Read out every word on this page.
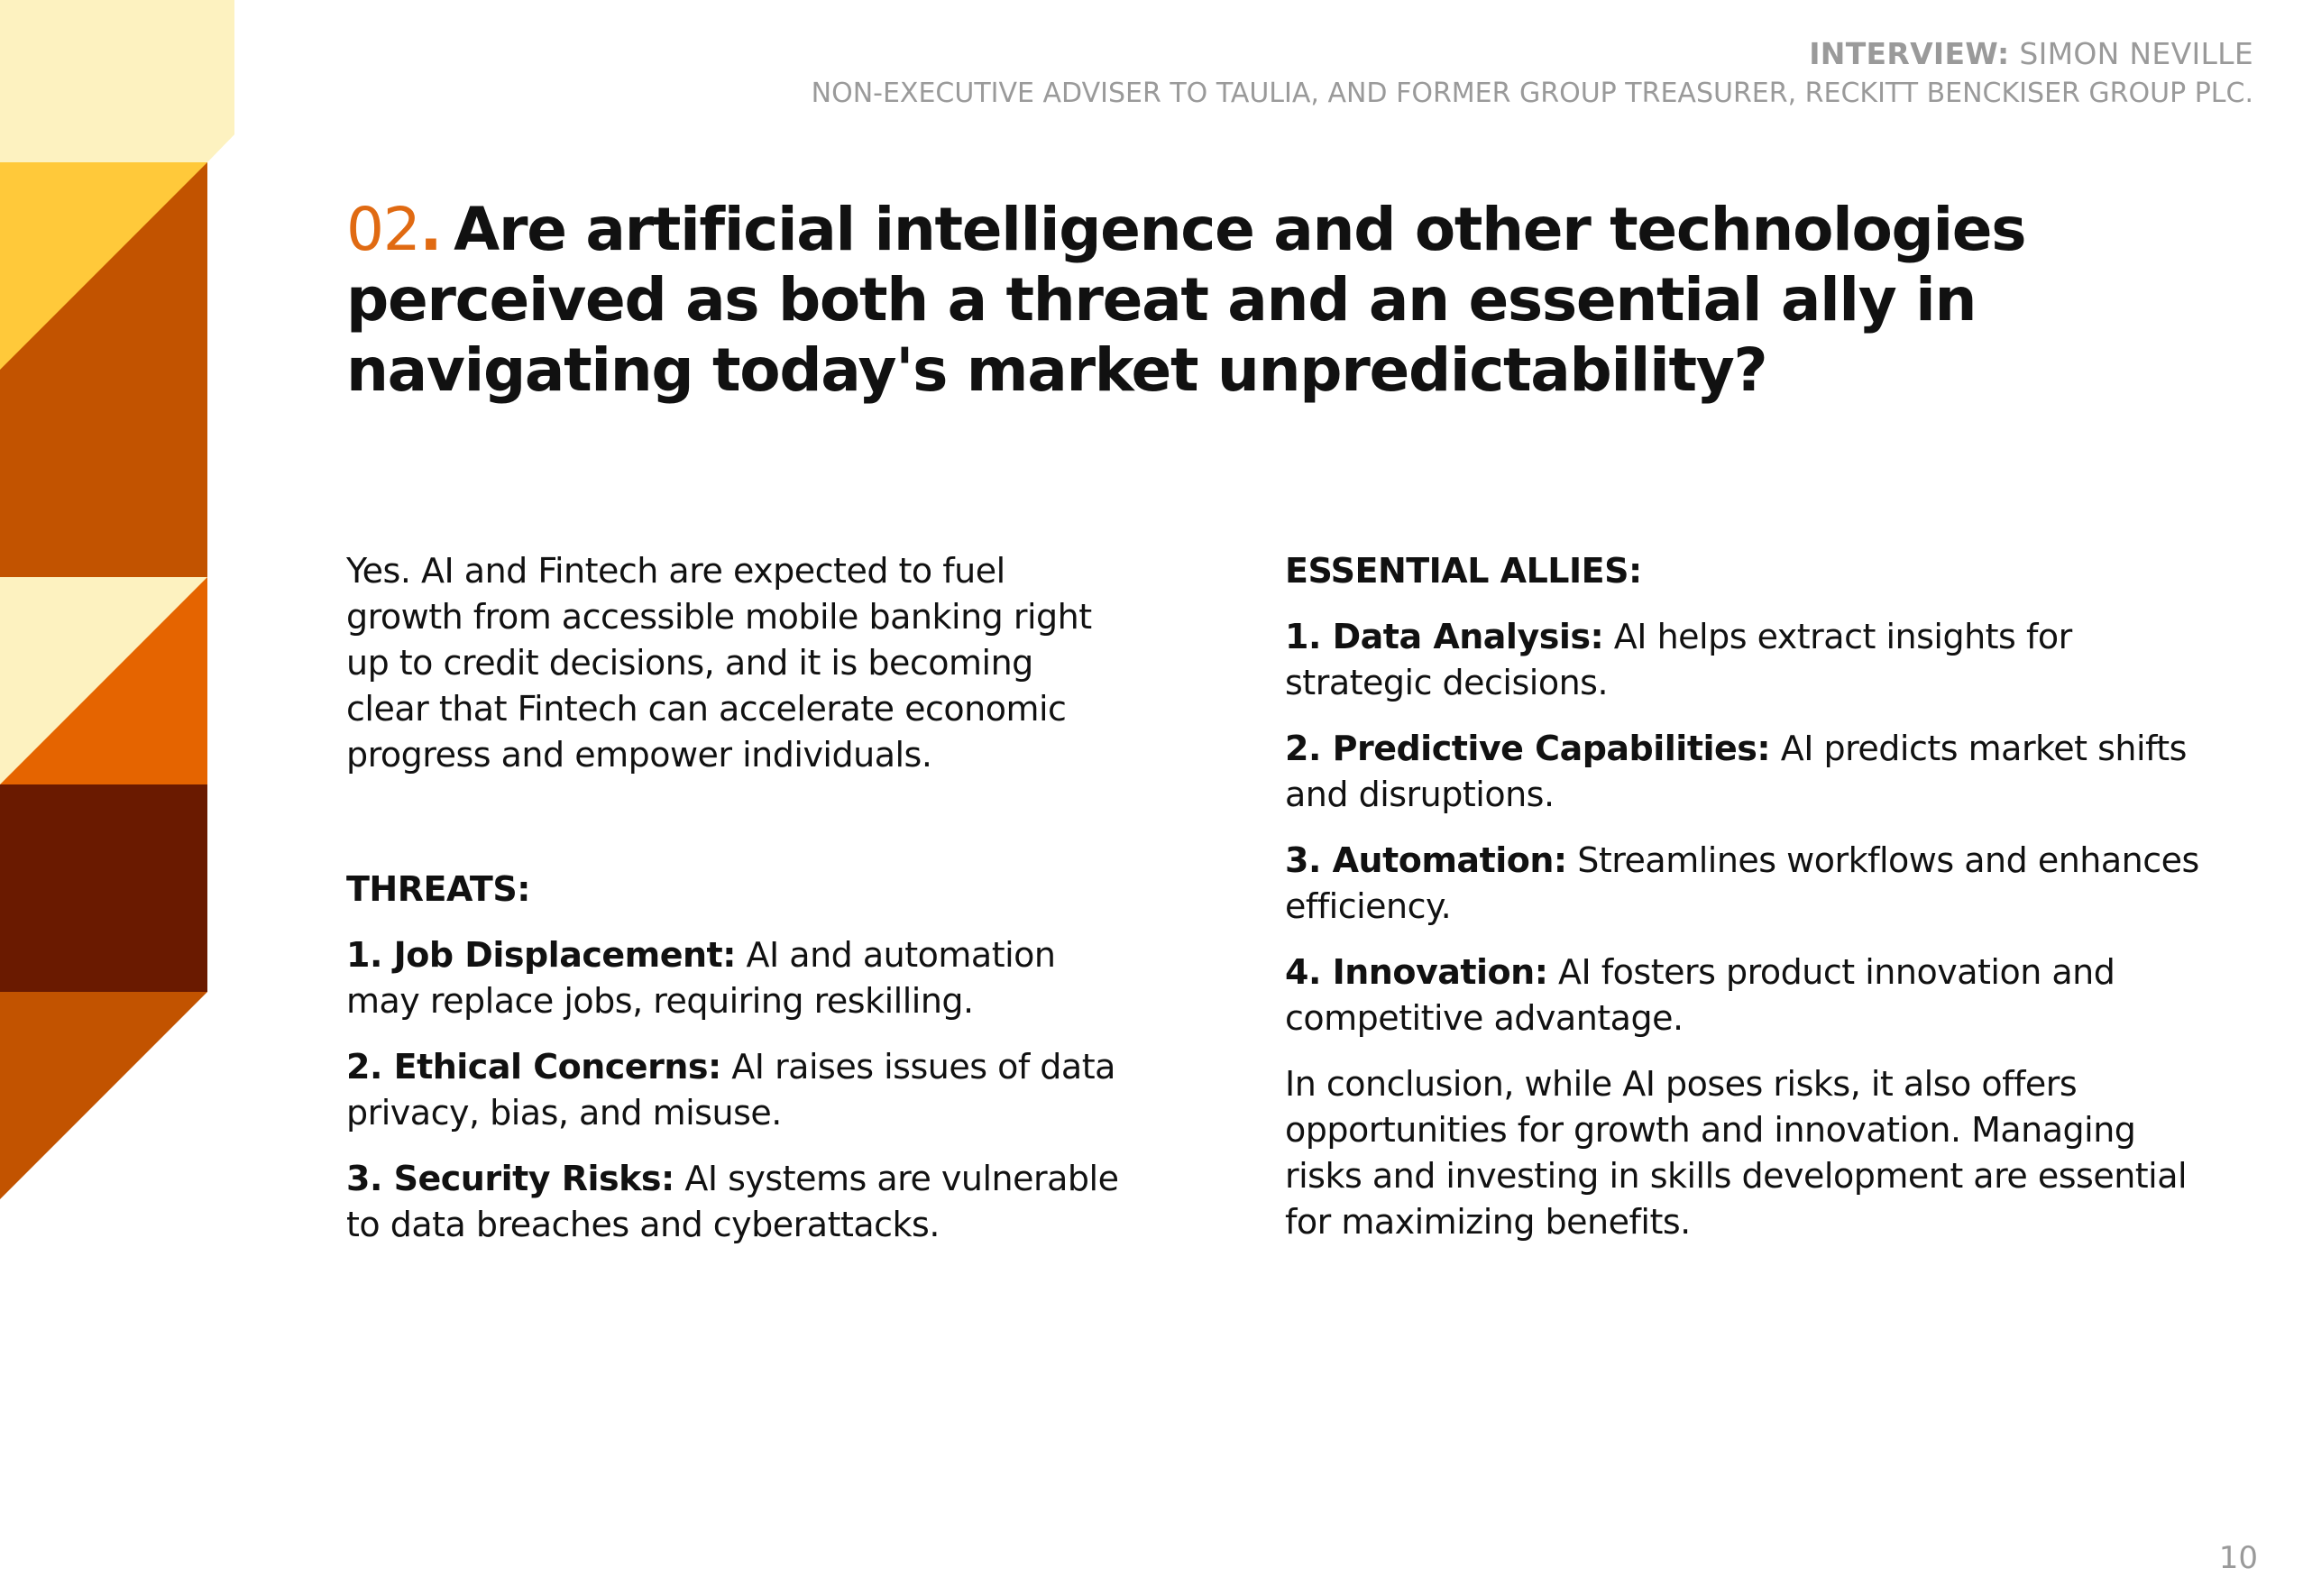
INTERVIEW: SIMON NEVILLE
NON-EXECUTIVE ADVISER TO TAULIA, AND FORMER GROUP TREASURER, RECKITT BENCKISER GROUP PLC.
02. Are artificial intelligence and other technologies perceived as both a threat and an essential ally in navigating today's market unpredictability?

Yes. AI and Fintech are expected to fuel growth from accessible mobile banking right up to credit decisions, and it is becoming clear that Fintech can accelerate economic progress and empower individuals.

THREATS:

1. Job Displacement: AI and automation may replace jobs, requiring reskilling.

2. Ethical Concerns: AI raises issues of data privacy, bias, and misuse.

3. Security Risks: AI systems are vulnerable to data breaches and cyberattacks.

ESSENTIAL ALLIES:

1. Data Analysis: AI helps extract insights for strategic decisions.

2. Predictive Capabilities: AI predicts market shifts and disruptions.

3. Automation: Streamlines workflows and enhances efficiency.

4. Innovation: AI fosters product innovation and competitive advantage.

In conclusion, while AI poses risks, it also offers opportunities for growth and innovation. Managing risks and investing in skills development are essential for maximizing benefits.

10
